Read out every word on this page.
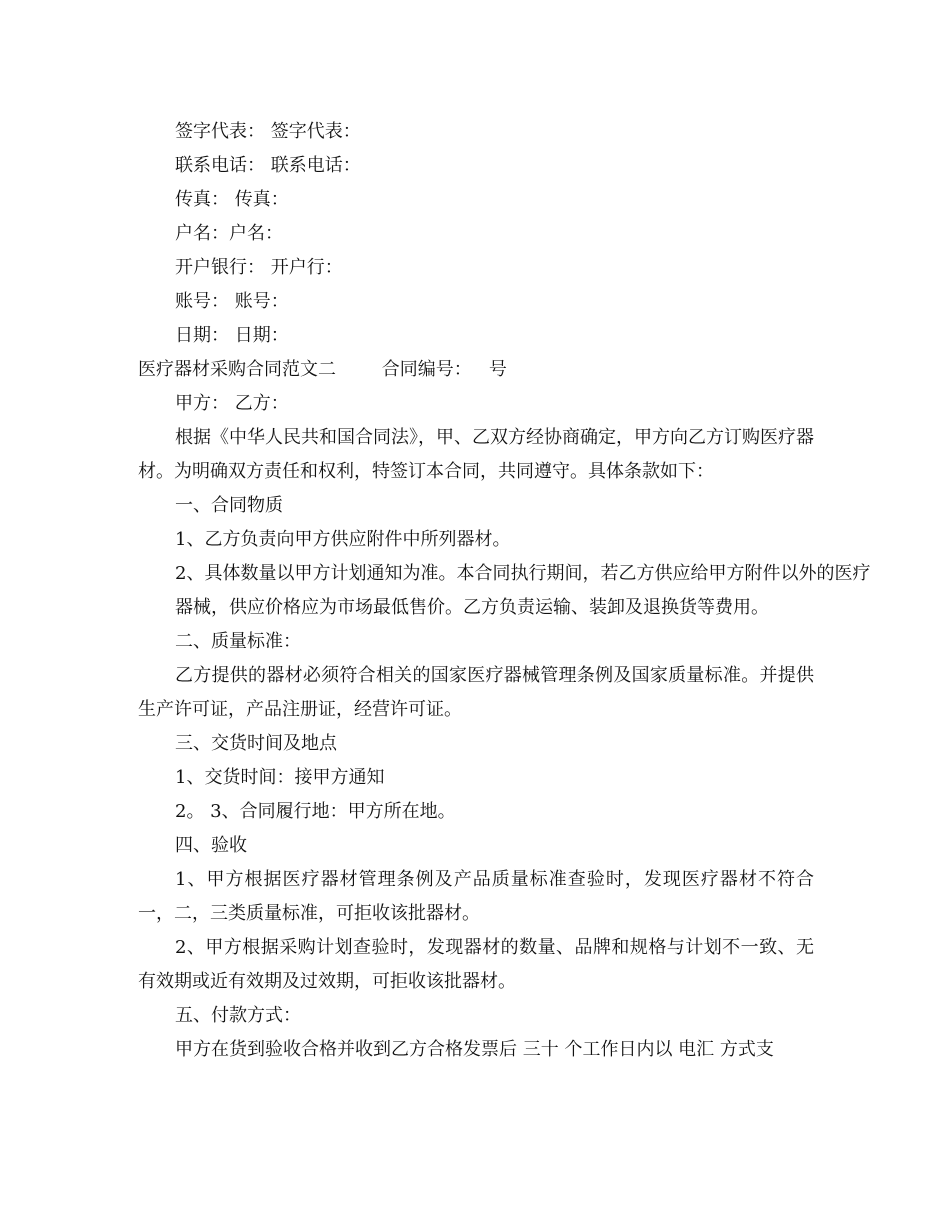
签字代表： 签字代表：
联系电话： 联系电话：
传真： 传真：
户名：户名：
开户银行： 开户行：
账号： 账号：
日期： 日期：
医疗器材采购合同范文二        合同编号：   号
甲方： 乙方：
根据《中华人民共和国合同法》，甲、乙双方经协商确定，甲方向乙方订购医疗器材。为明确双方责任和权利，特签订本合同，共同遵守。具体条款如下：
一、合同物质
1、乙方负责向甲方供应附件中所列器材。
2、具体数量以甲方计划通知为准。本合同执行期间，若乙方供应给甲方附件以外的医疗
器械，供应价格应为市场最低售价。乙方负责运输、装卸及退换货等费用。
二、质量标准：
乙方提供的器材必须符合相关的国家医疗器械管理条例及国家质量标准。并提供生产许可证，产品注册证，经营许可证。
三、交货时间及地点
1、交货时间：接甲方通知
2。 3、合同履行地：甲方所在地。
四、验收
1、甲方根据医疗器材管理条例及产品质量标准查验时，发现医疗器材不符合一，二，三类质量标准，可拒收该批器材。
2、甲方根据采购计划查验时，发现器材的数量、品牌和规格与计划不一致、无有效期或近有效期及过效期，可拒收该批器材。
五、付款方式：
甲方在货到验收合格并收到乙方合格发票后 三十 个工作日内以 电汇 方式支
